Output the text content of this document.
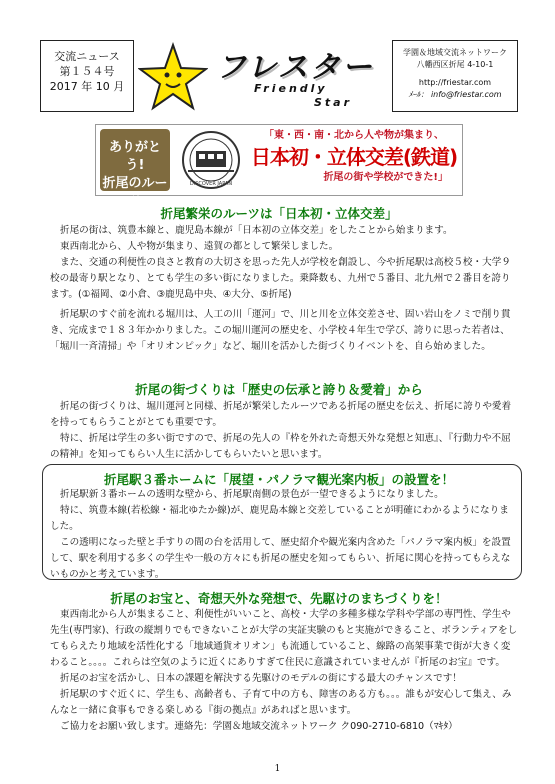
交流ニュース
第１５４号
2017 年 10 月
フレスター
Friendly
Star
学園＆地域交流ネットワーク
八幡西区折尾 4-10-1
http://friestar.com
ﾒｰﾙ： info@friestar.com
ありがとう!
折尾のルーツ
DISCOVER JAPAN
「東・西・南・北から人や物が集まり、
日本初・立体交差(鉄道)
折尾の街や学校ができた!」
折尾繁栄のルーツは「日本初・立体交差」

折尾の街は、筑豊本線と、鹿児島本線が「日本初の立体交差」をしたことから始まります。

東西南北から、人や物が集まり、遠賀の都として繁栄しました。

また、交通の利便性の良さと教育の大切さを思った先人が学校を創設し、今や折尾駅は高校５校・大学９校の最寄り駅となり、とても学生の多い街になりました。乗降数も、九州で５番目、北九州で２番目を誇ります。(①福岡、②小倉、③鹿児島中央、④大分、⑤折尾)

折尾駅のすぐ前を流れる堀川は、人工の川「運河」で、川と川を立体交差させ、固い岩山をノミで削り貫き、完成まで１８３年かかりました。この堀川運河の歴史を、小学校４年生で学び、誇りに思った若者は、「堀川一斉清掃」や「オリオンピック」など、堀川を活かした街づくりイベントを、自ら始めました。

折尾の街づくりは「歴史の伝承と誇り＆愛着」から

折尾の街づくりは、堀川運河と同様、折尾が繁栄したルーツである折尾の歴史を伝え、折尾に誇りや愛着を持ってもらうことがとても重要です。

特に、折尾は学生の多い街ですので、折尾の先人の『枠を外れた奇想天外な発想と知恵』、『行動力や不屈の精神』を知ってもらい人生に活かしてもらいたいと思います。

折尾駅３番ホームに「展望・パノラマ観光案内板」の設置を！

折尾駅新３番ホームの透明な壁から、折尾駅南側の景色が一望できるようになりました。

特に、筑豊本線(若松線・福北ゆたか線)が、鹿児島本線と交差していることが明確にわかるようになりました。

この透明になった壁と手すりの間の台を活用して、歴史紹介や観光案内含めた「パノラマ案内板」を設置して、駅を利用する多くの学生や一般の方々にも折尾の歴史を知ってもらい、折尾に関心を持ってもらえないものかと考えています。

折尾のお宝と、奇想天外な発想で、先駆けのまちづくりを！

東西南北から人が集まること、利便性がいいこと、高校・大学の多種多様な学科や学部の専門性、学生や先生(専門家)、行政の縦割りでもできないことが大学の実証実験のもと実施ができること、ボランティアをしてもらえたり地域を活性化する「地域通貨オリオン」も流通していること、線路の高架事業で街が大きく変わること。。。。これらは空気のように近くにありすぎて住民に意識されていませんが『折尾のお宝』です。

折尾のお宝を活かし、日本の課題を解決する先駆けのモデルの街にする最大のチャンスです！

折尾駅のすぐ近くに、学生も、高齢者も、子育て中の方も、障害のある方も。。。誰もが安心して集え、みんなと一緒に食事もできる楽しめる『街の拠点』があればと思います。

ご協力をお願い致します。連絡先：学園＆地域交流ネットワーク ク090-2710-6810（ﾏｷﾀ）

1
